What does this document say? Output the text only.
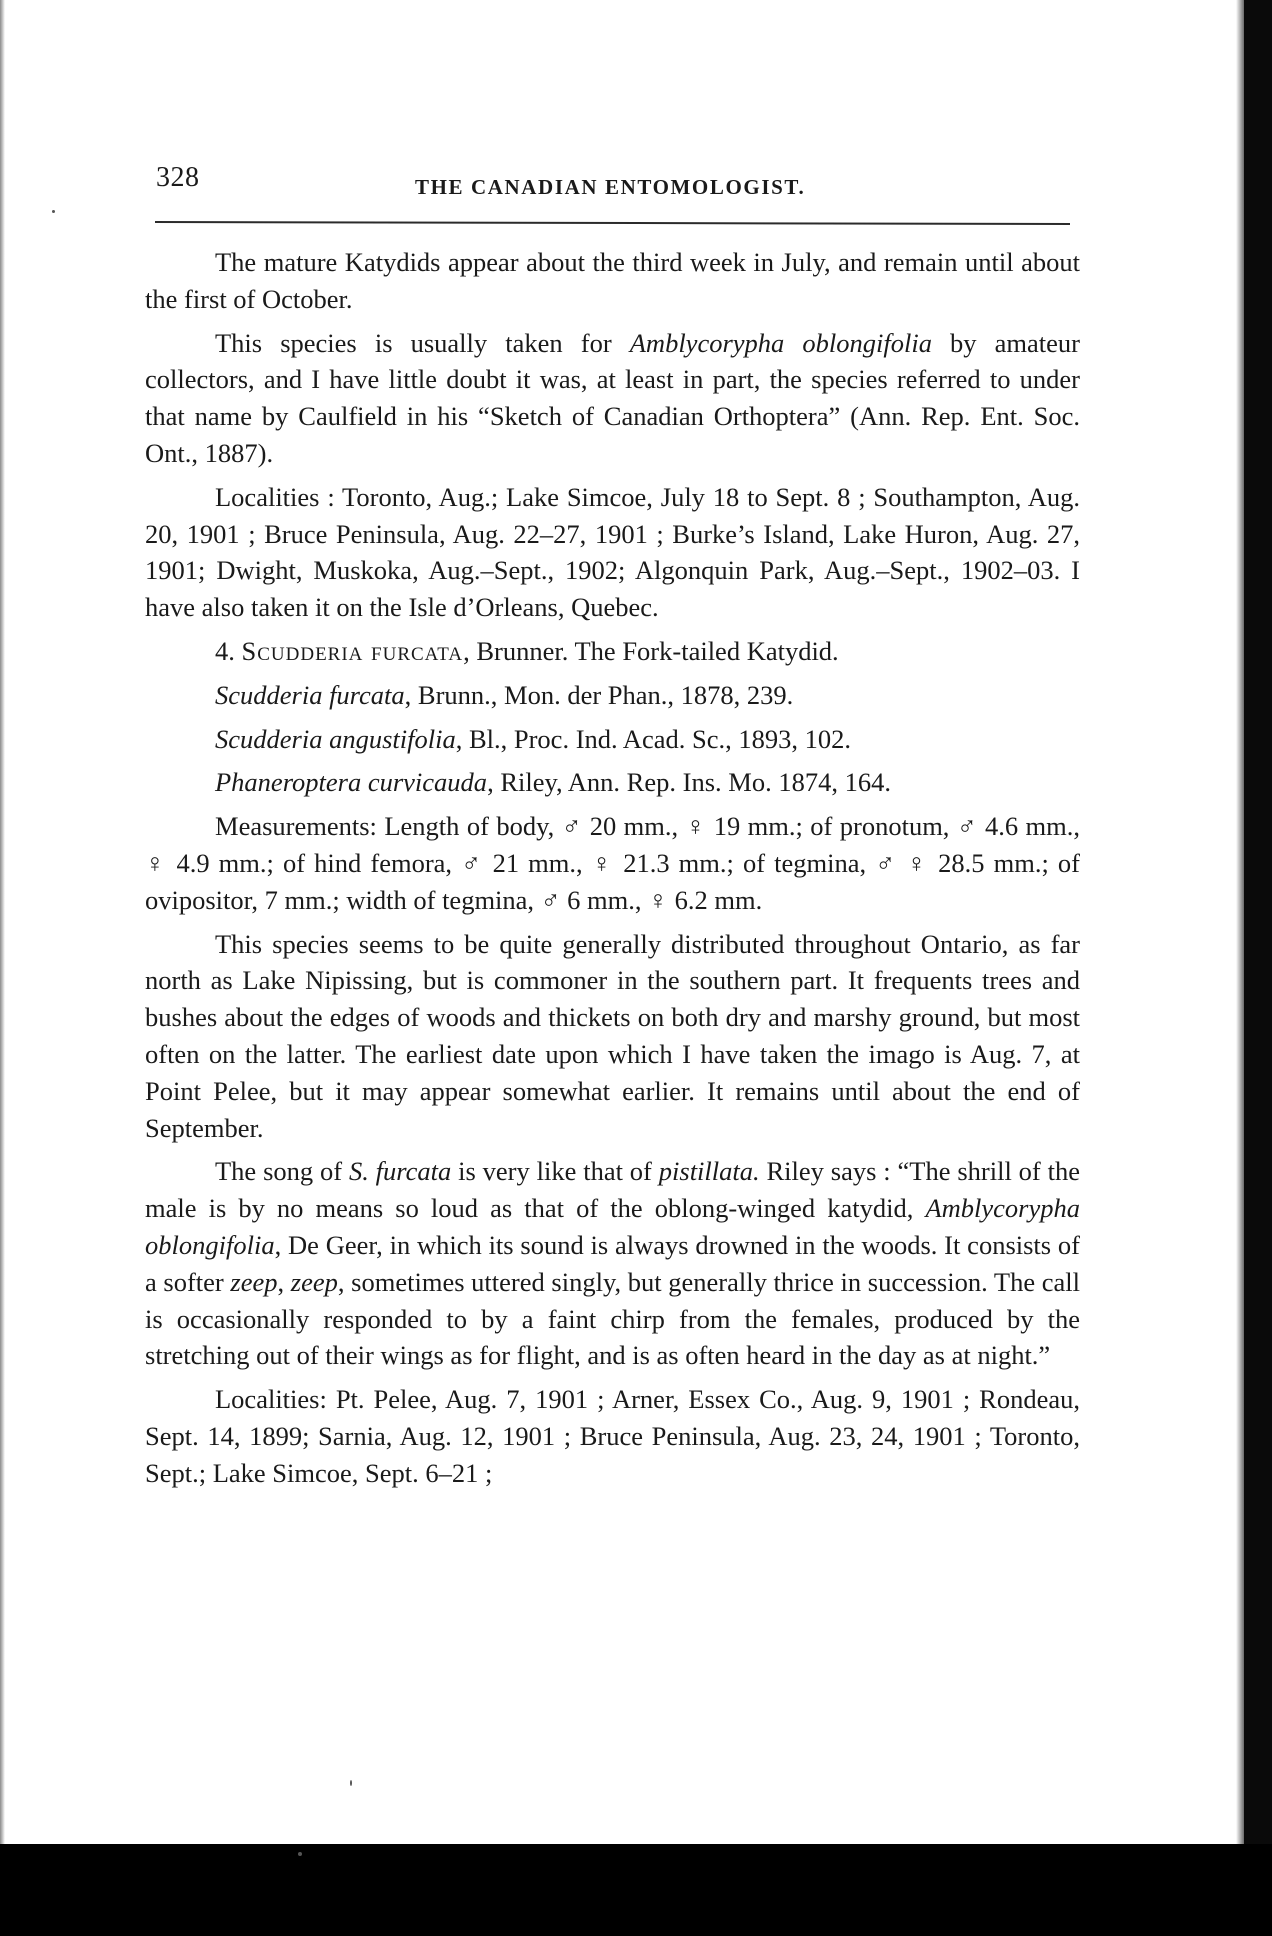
328	THE CANADIAN ENTOMOLOGIST.

The mature Katydids appear about the third week in July, and remain until about the first of October.

This species is usually taken for Amblycorypha oblongifolia by amateur collectors, and I have little doubt it was, at least in part, the species referred to under that name by Caulfield in his “Sketch of Canadian Orthoptera” (Ann. Rep. Ent. Soc. Ont., 1887).

Localities : Toronto, Aug.; Lake Simcoe, July 18 to Sept. 8 ; Southampton, Aug. 20, 1901 ; Bruce Peninsula, Aug. 22–27, 1901 ; Burke’s Island, Lake Huron, Aug. 27, 1901; Dwight, Muskoka, Aug.–Sept., 1902; Algonquin Park, Aug.–Sept., 1902–03. I have also taken it on the Isle d’Orleans, Quebec.

4. Scudderia furcata, Brunner. The Fork-tailed Katydid.

Scudderia furcata, Brunn., Mon. der Phan., 1878, 239.

Scudderia angustifolia, Bl., Proc. Ind. Acad. Sc., 1893, 102.

Phaneroptera curvicauda, Riley, Ann. Rep. Ins. Mo. 1874, 164.

Measurements: Length of body, ♂ 20 mm., ♀ 19 mm.; of pronotum, ♂ 4.6 mm., ♀ 4.9 mm.; of hind femora, ♂ 21 mm., ♀ 21.3 mm.; of tegmina, ♂ ♀ 28.5 mm.; of ovipositor, 7 mm.; width of tegmina, ♂ 6 mm., ♀ 6.2 mm.

This species seems to be quite generally distributed throughout Ontario, as far north as Lake Nipissing, but is commoner in the southern part. It frequents trees and bushes about the edges of woods and thickets on both dry and marshy ground, but most often on the latter. The earliest date upon which I have taken the imago is Aug. 7, at Point Pelee, but it may appear somewhat earlier. It remains until about the end of September.

The song of S. furcata is very like that of pistillata. Riley says : “The shrill of the male is by no means so loud as that of the oblong-winged katydid, Amblycorypha oblongifolia, De Geer, in which its sound is always drowned in the woods. It consists of a softer zeep, zeep, sometimes uttered singly, but generally thrice in succession. The call is occasionally responded to by a faint chirp from the females, produced by the stretching out of their wings as for flight, and is as often heard in the day as at night.”

Localities: Pt. Pelee, Aug. 7, 1901 ; Arner, Essex Co., Aug. 9, 1901 ; Rondeau, Sept. 14, 1899; Sarnia, Aug. 12, 1901 ; Bruce Peninsula, Aug. 23, 24, 1901 ; Toronto, Sept.; Lake Simcoe, Sept. 6–21 ;
